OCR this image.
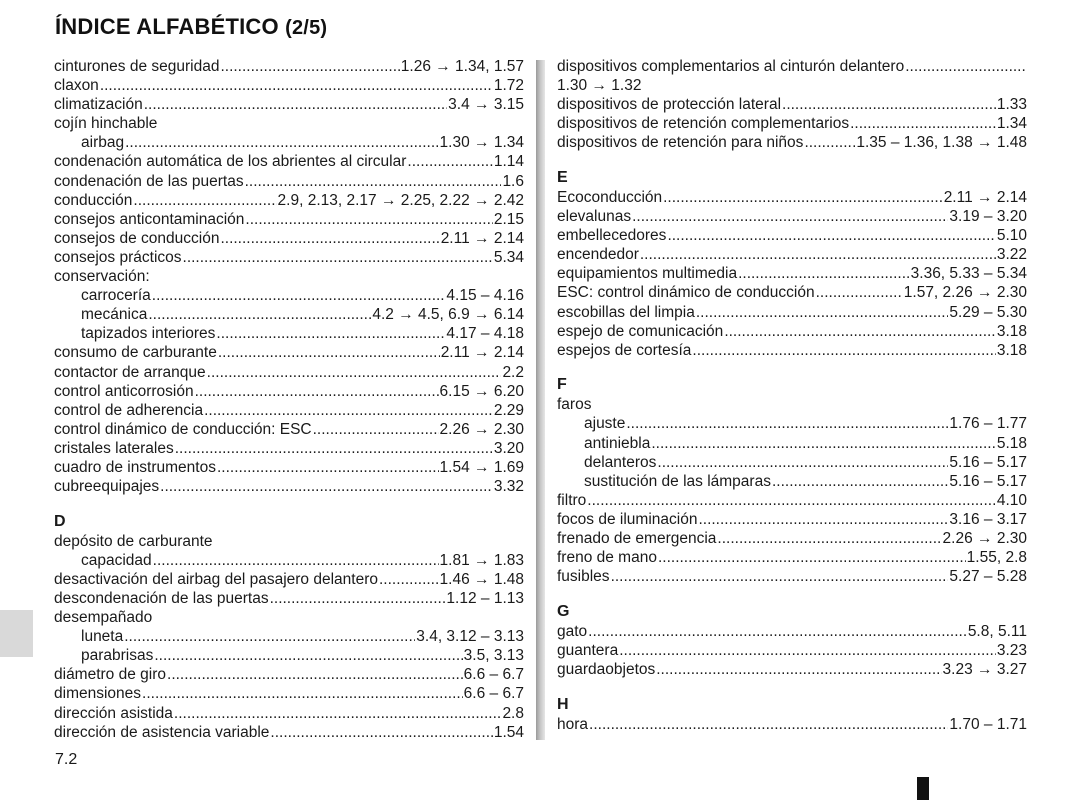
ÍNDICE ALFABÉTICO (2/5)
cinturones de seguridad .....	1.26 → 1.34, 1.57
claxon .....	1.72
climatización .....	3.4 → 3.15
cojín hinchable
airbag .....	1.30 → 1.34
condenación automática de los abrientes al circular .....	1.14
condenación de las puertas .....	1.6
conducción .....	2.9, 2.13, 2.17 → 2.25, 2.22 → 2.42
consejos anticontaminación .....	2.15
consejos de conducción .....	2.11 → 2.14
consejos prácticos .....	5.34
conservación:
carrocería .....	4.15 – 4.16
mecánica .....	4.2 → 4.5, 6.9 → 6.14
tapizados interiores .....	4.17 – 4.18
consumo de carburante .....	2.11 → 2.14
contactor de arranque .....	2.2
control anticorrosión .....	6.15 → 6.20
control de adherencia .....	2.29
control dinámico de conducción: ESC .....	2.26 → 2.30
cristales laterales .....	3.20
cuadro de instrumentos .....	1.54 → 1.69
cubreequipajes .....	3.32
D
depósito de carburante
capacidad .....	1.81 → 1.83
desactivación del airbag del pasajero delantero .....	1.46 → 1.48
descondenación de las puertas .....	1.12 – 1.13
desempañado
luneta .....	3.4, 3.12 – 3.13
parabrisas .....	3.5, 3.13
diámetro de giro .....	6.6 – 6.7
dimensiones .....	6.6 – 6.7
dirección asistida .....	2.8
dirección de asistencia variable .....	1.54
dispositivos complementarios al cinturón delantero
.....
1.30 → 1.32
dispositivos de protección lateral .....	1.33
dispositivos de retención complementarios .....	1.34
dispositivos de retención para niños .....	.1.35 – 1.36, 1.38 → 1.48
E
Ecoconducción .....	2.11 → 2.14
elevalunas .....	3.19 – 3.20
embellecedores .....	5.10
encendedor .....	3.22
equipamientos multimedia .....	3.36, 5.33 – 5.34
ESC: control dinámico de conducción .....	1.57, 2.26 → 2.30
escobillas del limpia .....	5.29 – 5.30
espejo de comunicación .....	3.18
espejos de cortesía .....	3.18
F
faros
ajuste .....	1.76 – 1.77
antiniebla .....	5.18
delanteros .....	5.16 – 5.17
sustitución de las lámparas .....	5.16 – 5.17
filtro .....	4.10
focos de iluminación .....	3.16 – 3.17
frenado de emergencia .....	2.26 → 2.30
freno de mano .....	1.55, 2.8
fusibles .....	5.27 – 5.28
G
gato .....	5.8, 5.11
guantera .....	3.23
guardaobjetos .....	3.23 → 3.27
H
hora .....	1.70 – 1.71
7.2
